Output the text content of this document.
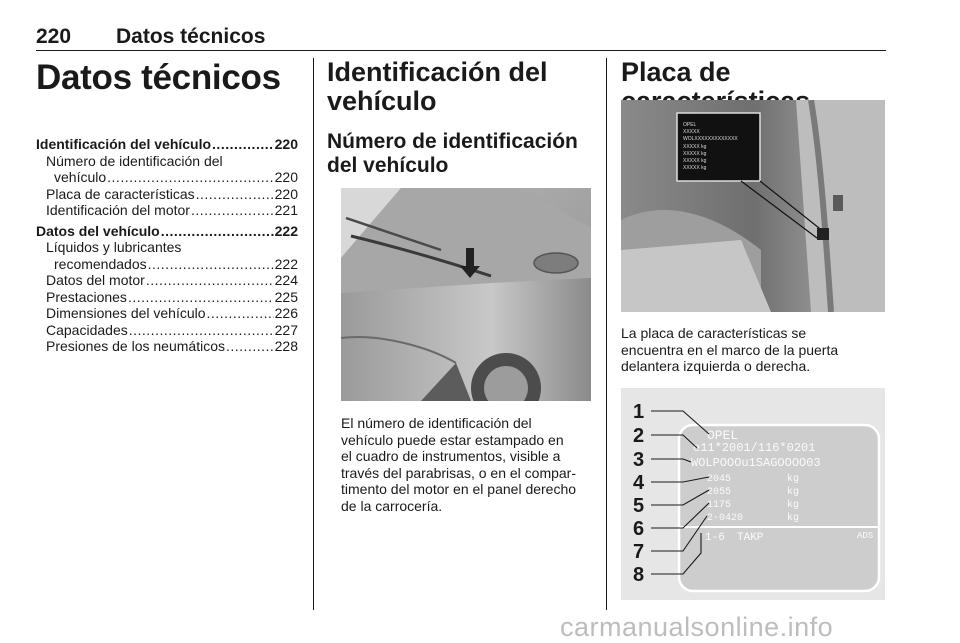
220 Datos técnicos
Datos técnicos
Identificación del vehículo .....	220
Número de identificación del
vehículo .....	220
Placa de características .....	220
Identificación del motor .....	221
Datos del vehículo .....	222
Líquidos y lubricantes
recomendados .....	222
Datos del motor .....	224
Prestaciones .....	225
Dimensiones del vehículo .....	226
Capacidades .....	227
Presiones de los neumáticos .....	228
Identificación del
vehículo
Número de identificación
del vehículo
El número de identificación del
vehículo puede estar estampado en
el cuadro de instrumentos, visible a
través del parabrisas, o en el compar-
timento del motor en el panel derecho
de la carrocería.
Placa de
OPEL
XXXXX
WOLXXXXXXXXXXXXX
XXXXX kg
XXXXX kg
XXXXX kg
XXXXX kg
La placa de características se
encuentra en el marco de la puerta
delantera izquierda o derecha.
OPEL
e11*2001/116*0201
WOLPOOOu1SAGOOOO03
2045
2055
1175
2-0420
kg
kg
kg
kg
1-6 TAKP	ADS
1
2
3
4
5
6
7
8
carmanualsonline.info
